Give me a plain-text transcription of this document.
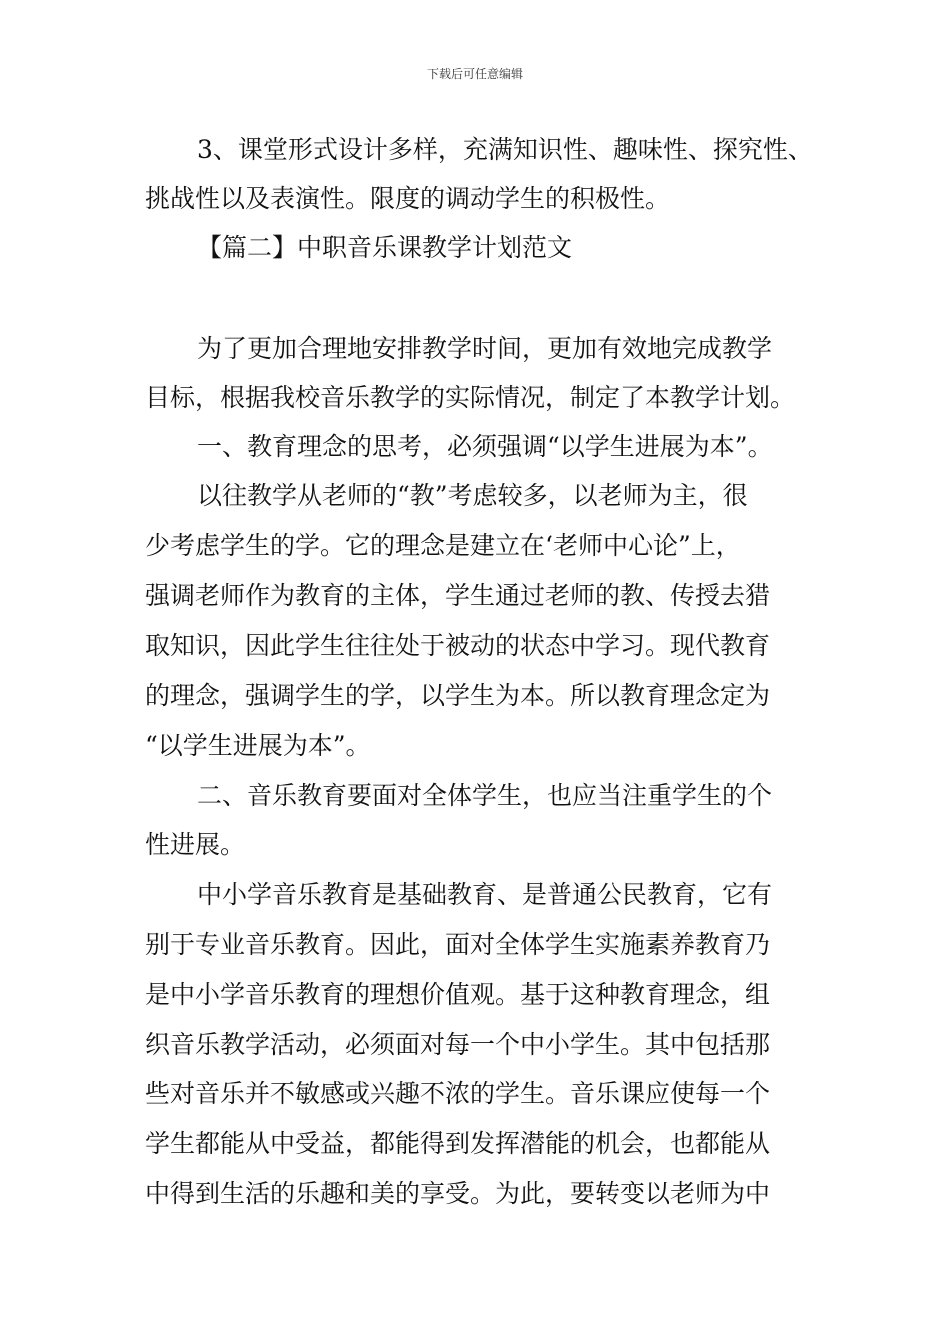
下载后可任意编辑
3、课堂形式设计多样，充满知识性、趣味性、探究性、
挑战性以及表演性。限度的调动学生的积极性。
【篇二】中职音乐课教学计划范文
为了更加合理地安排教学时间，更加有效地完成教学
目标，根据我校音乐教学的实际情况，制定了本教学计划。
一、教育理念的思考，必须强调“以学生进展为本”。
以往教学从老师的“教”考虑较多，以老师为主，很
少考虑学生的学。它的理念是建立在‘老师中心论”上，
强调老师作为教育的主体，学生通过老师的教、传授去猎
取知识，因此学生往往处于被动的状态中学习。现代教育
的理念，强调学生的学，以学生为本。所以教育理念定为
“以学生进展为本”。
二、音乐教育要面对全体学生，也应当注重学生的个
性进展。
中小学音乐教育是基础教育、是普通公民教育，它有
别于专业音乐教育。因此，面对全体学生实施素养教育乃
是中小学音乐教育的理想价值观。基于这种教育理念，组
织音乐教学活动，必须面对每一个中小学生。其中包括那
些对音乐并不敏感或兴趣不浓的学生。音乐课应使每一个
学生都能从中受益，都能得到发挥潜能的机会，也都能从
中得到生活的乐趣和美的享受。为此，要转变以老师为中
